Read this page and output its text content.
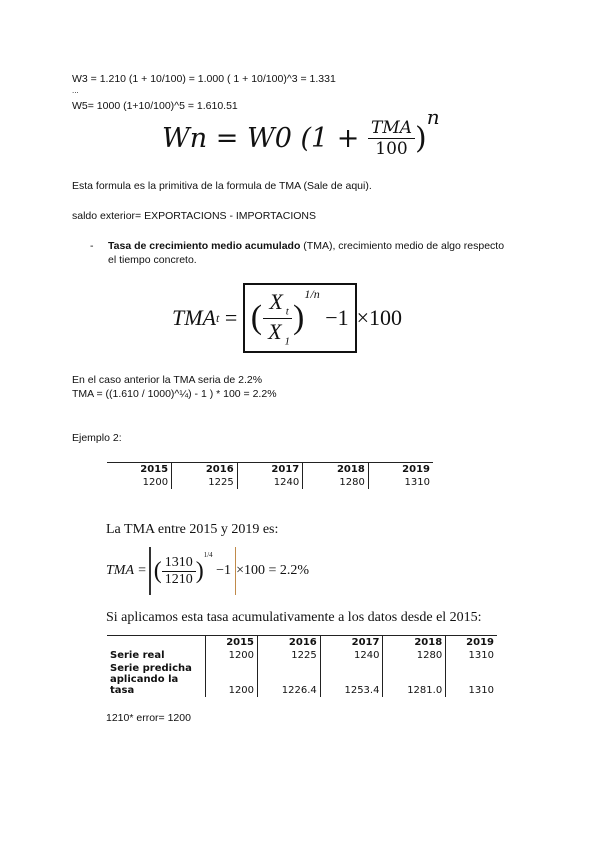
W3 = 1.210 (1 + 10/100) = 1.000 ( 1 + 10/100)^3 = 1.331
...
W5= 1000 (1+10/100)^5 = 1.610.51
Wn
=
W0 (1 +
$\frac{\text{TMA}}{100}$ )
n
Esta formula es la primitiva de la formula de TMA (Sale de aqui).
saldo exterior= EXPORTACIONS - IMPORTACIONS
- Tasa de crecimiento medio acumulado (TMA), crecimiento medio de algo respecto
el tiempo concreto.
TMA t
=
( $\frac{X _t}{X _1}$ )
1/n

−1 ×100
En el caso anterior la TMA seria de 2.2%
TMA = ((1.610 / 1000)^¼) - 1 ) * 100 = 2.2%
Ejemplo 2:
2015	2016	2017	2018	2019
1200	1225	1240	1280	1310
La TMA entre 2015 y 2019 es:
TMA = ( $\frac{1310}{1210}$ )
1/4

−1 ×100 = 2.2%
Si aplicamos esta tasa acumulativamente a los datos desde el 2015:
	2015	2016	2017	2018	2019
Serie real	1200	1225	1240	1280	1310

Serie predicha
aplicando la tasa	1200	1226.4	1253.4	1281.0	1310
1210* error= 1200
